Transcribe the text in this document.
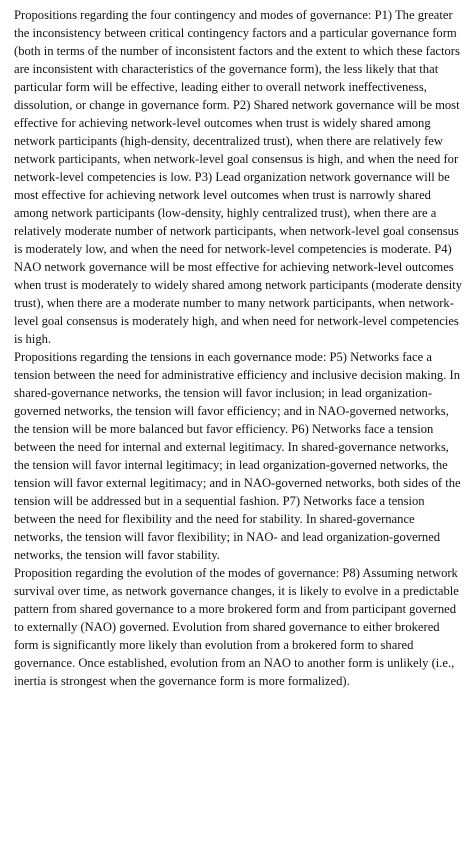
Propositions regarding the four contingency and modes of governance: P1) The greater the inconsistency between critical contingency factors and a particular governance form (both in terms of the number of inconsistent factors and the extent to which these factors are inconsistent with characteristics of the governance form), the less likely that that particular form will be effective, leading either to overall network ineffectiveness, dissolution, or change in governance form. P2) Shared network governance will be most effective for achieving network-level outcomes when trust is widely shared among network participants (high-density, decentralized trust), when there are relatively few network participants, when network-level goal consensus is high, and when the need for network-level competencies is low. P3) Lead organization network governance will be most effective for achieving network level outcomes when trust is narrowly shared among network participants (low-density, highly centralized trust), when there are a relatively moderate number of network participants, when network-level goal consensus is moderately low, and when the need for network-level competencies is moderate. P4) NAO network governance will be most effective for achieving network-level outcomes when trust is moderately to widely shared among network participants (moderate density trust), when there are a moderate number to many network participants, when network-level goal consensus is moderately high, and when need for network-level competencies is high.

Propositions regarding the tensions in each governance mode: P5) Networks face a tension between the need for administrative efficiency and inclusive decision making. In shared-governance networks, the tension will favor inclusion; in lead organization-governed networks, the tension will favor efficiency; and in NAO-governed networks, the tension will be more balanced but favor efficiency. P6) Networks face a tension between the need for internal and external legitimacy. In shared-governance networks, the tension will favor internal legitimacy; in lead organization-governed networks, the tension will favor external legitimacy; and in NAO-governed networks, both sides of the tension will be addressed but in a sequential fashion. P7) Networks face a tension between the need for flexibility and the need for stability. In shared-governance networks, the tension will favor flexibility; in NAO- and lead organization-governed networks, the tension will favor stability.

Proposition regarding the evolution of the modes of governance: P8) Assuming network survival over time, as network governance changes, it is likely to evolve in a predictable pattern from shared governance to a more brokered form and from participant governed to externally (NAO) governed. Evolution from shared governance to either brokered form is significantly more likely than evolution from a brokered form to shared governance. Once established, evolution from an NAO to another form is unlikely (i.e., inertia is strongest when the governance form is more formalized).
